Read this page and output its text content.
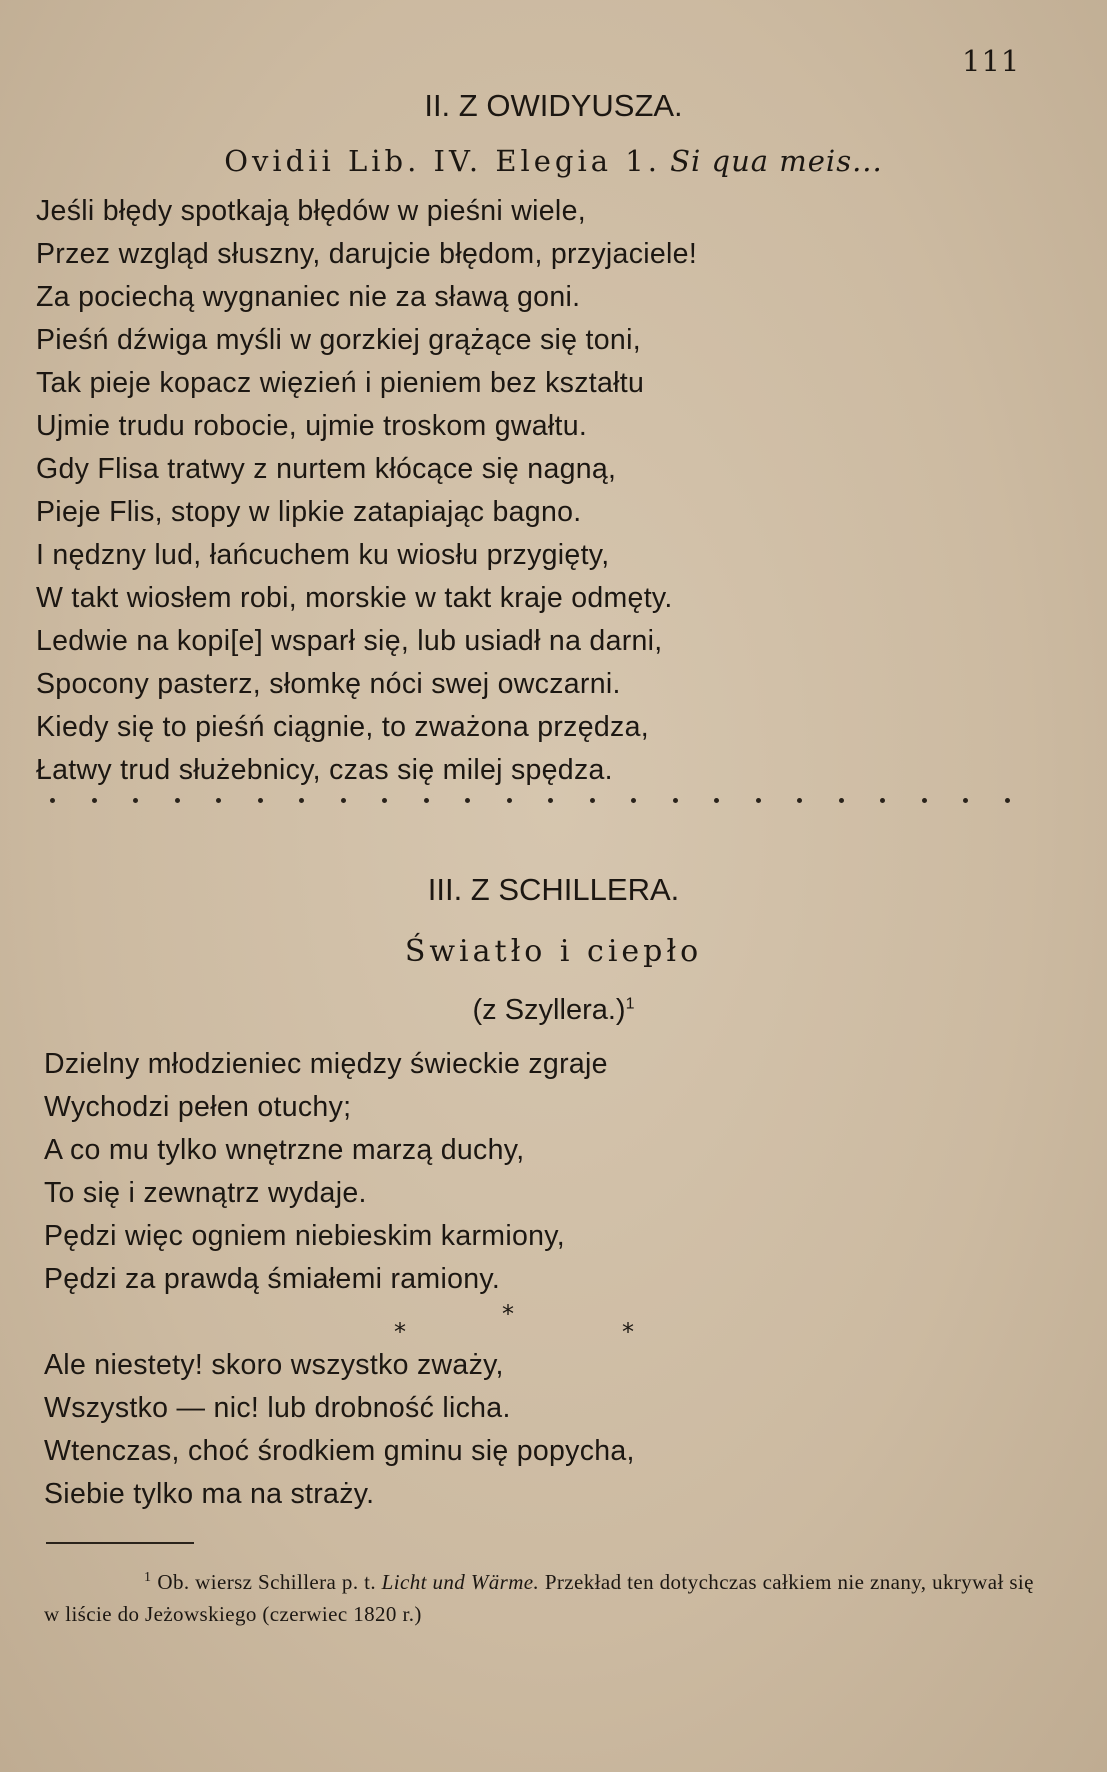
111
II. Z OWIDYUSZA.
Ovidii Lib. IV. Elegia 1. Si qua meis...
Jeśli błędy spotkają błędów w pieśni wiele,
Przez wzgląd słuszny, darujcie błędom, przyjaciele!
Za pociechą wygnaniec nie za sławą goni.
Pieśń dźwiga myśli w gorzkiej grążące się toni,
Tak pieje kopacz więzień i pieniem bez kształtu
Ujmie trudu robocie, ujmie troskom gwałtu.
Gdy Flisa tratwy z nurtem kłócące się nagną,
Pieje Flis, stopy w lipkie zatapiając bagno.
I nędzny lud, łańcuchem ku wiosłu przygięty,
W takt wiosłem robi, morskie w takt kraje odmęty.
Ledwie na kopi[e] wsparł się, lub usiadł na darni,
Spocony pasterz, słomkę nóci swej owczarni.
Kiedy się to pieśń ciągnie, to zważona przędza,
Łatwy trud służebnicy, czas się milej spędza.
III. Z SCHILLERA.
Światło i ciepło
(z Szyllera.)$^1$
Dzielny młodzieniec między świeckie zgraje
Wychodzi pełen otuchy;
A co mu tylko wnętrzne marzą duchy,
To się i zewnątrz wydaje.
Pędzi więc ogniem niebieskim karmiony,
Pędzi za prawdą śmiałemi ramiony.
*
*	*
Ale niestety! skoro wszystko zważy,
Wszystko — nic! lub drobność licha.
Wtenczas, choć środkiem gminu się popycha,
Siebie tylko ma na straży.
$^1$ Ob. wiersz Schillera p. t. Licht und Wärme. Przekład ten dotychczas całkiem nie znany, ukrywał się w liście do Jeżowskiego (czerwiec 1820 r.)
